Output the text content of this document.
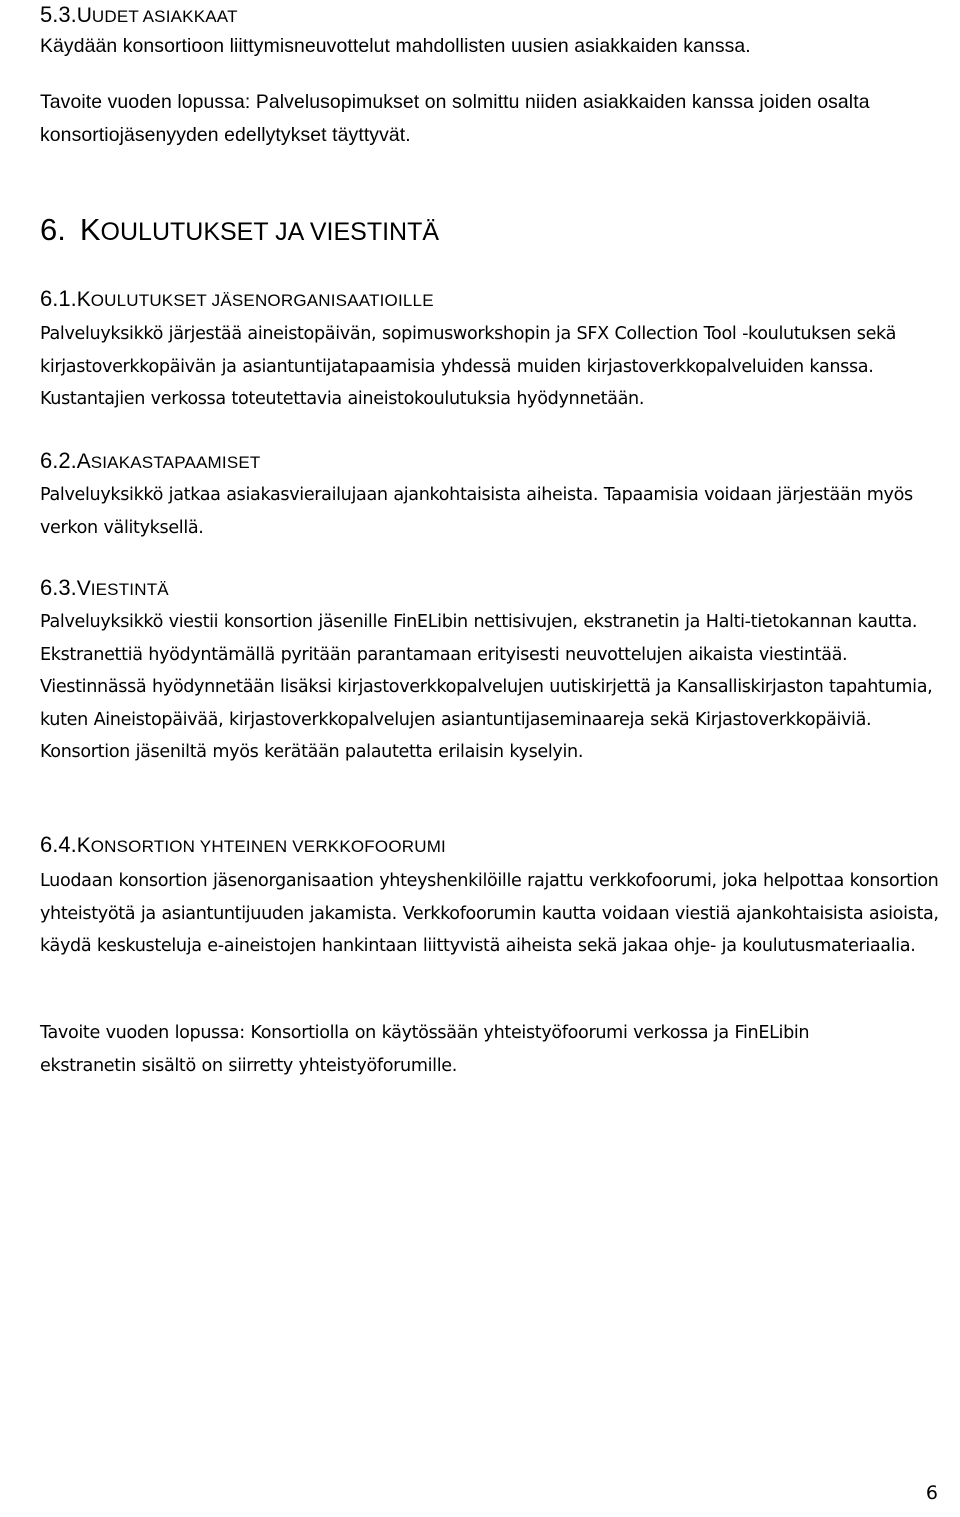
5.3.UUDET ASIAKKAAT
Käydään konsortioon liittymisneuvottelut mahdollisten uusien asiakkaiden kanssa.
Tavoite vuoden lopussa: Palvelusopimukset on solmittu niiden asiakkaiden kanssa joiden osalta konsortiojäsenyyden edellytykset täyttyvät.
6. KOULUTUKSET JA VIESTINTÄ
6.1.KOULUTUKSET JÄSENORGANISAATIOILLE
Palveluyksikkö järjestää aineistopäivän, sopimusworkshopin ja SFX Collection Tool -koulutuksen sekä kirjastoverkkopäivän ja asiantuntijatapaamisia yhdessä muiden kirjastoverkkopalveluiden kanssa. Kustantajien verkossa toteutettavia aineistokoulutuksia hyödynnetään.
6.2.ASIAKASTAPAAMISET
Palveluyksikkö jatkaa asiakasvierailujaan ajankohtaisista aiheista. Tapaamisia voidaan järjestään myös verkon välityksellä.
6.3.VIESTINTÄ
Palveluyksikkö viestii konsortion jäsenille FinELibin nettisivujen, ekstranetin ja Halti-tietokannan kautta. Ekstranettiä hyödyntämällä pyritään parantamaan erityisesti neuvottelujen aikaista viestintää. Viestinnässä hyödynnetään lisäksi kirjastoverkkopalvelujen uutiskirjettä ja Kansalliskirjaston tapahtumia, kuten Aineistopäivää, kirjastoverkkopalvelujen asiantuntijaseminaareja sekä Kirjastoverkkopäiviä. Konsortion jäseniltä myös kerätään palautetta erilaisin kyselyin.
6.4.KONSORTION YHTEINEN VERKKOFOORUMI
Luodaan konsortion jäsenorganisaation yhteyshenkilöille rajattu verkkofoorumi, joka helpottaa konsortion yhteistyötä ja asiantuntijuuden jakamista. Verkkofoorumin kautta voidaan viestiä ajankohtaisista asioista, käydä keskusteluja e-aineistojen hankintaan liittyvistä aiheista sekä jakaa ohje- ja koulutusmateriaalia.
Tavoite vuoden lopussa: Konsortiolla on käytössään yhteistyöfoorumi verkossa ja FinELibin ekstranetin sisältö on siirretty yhteistyöforumille.
6
